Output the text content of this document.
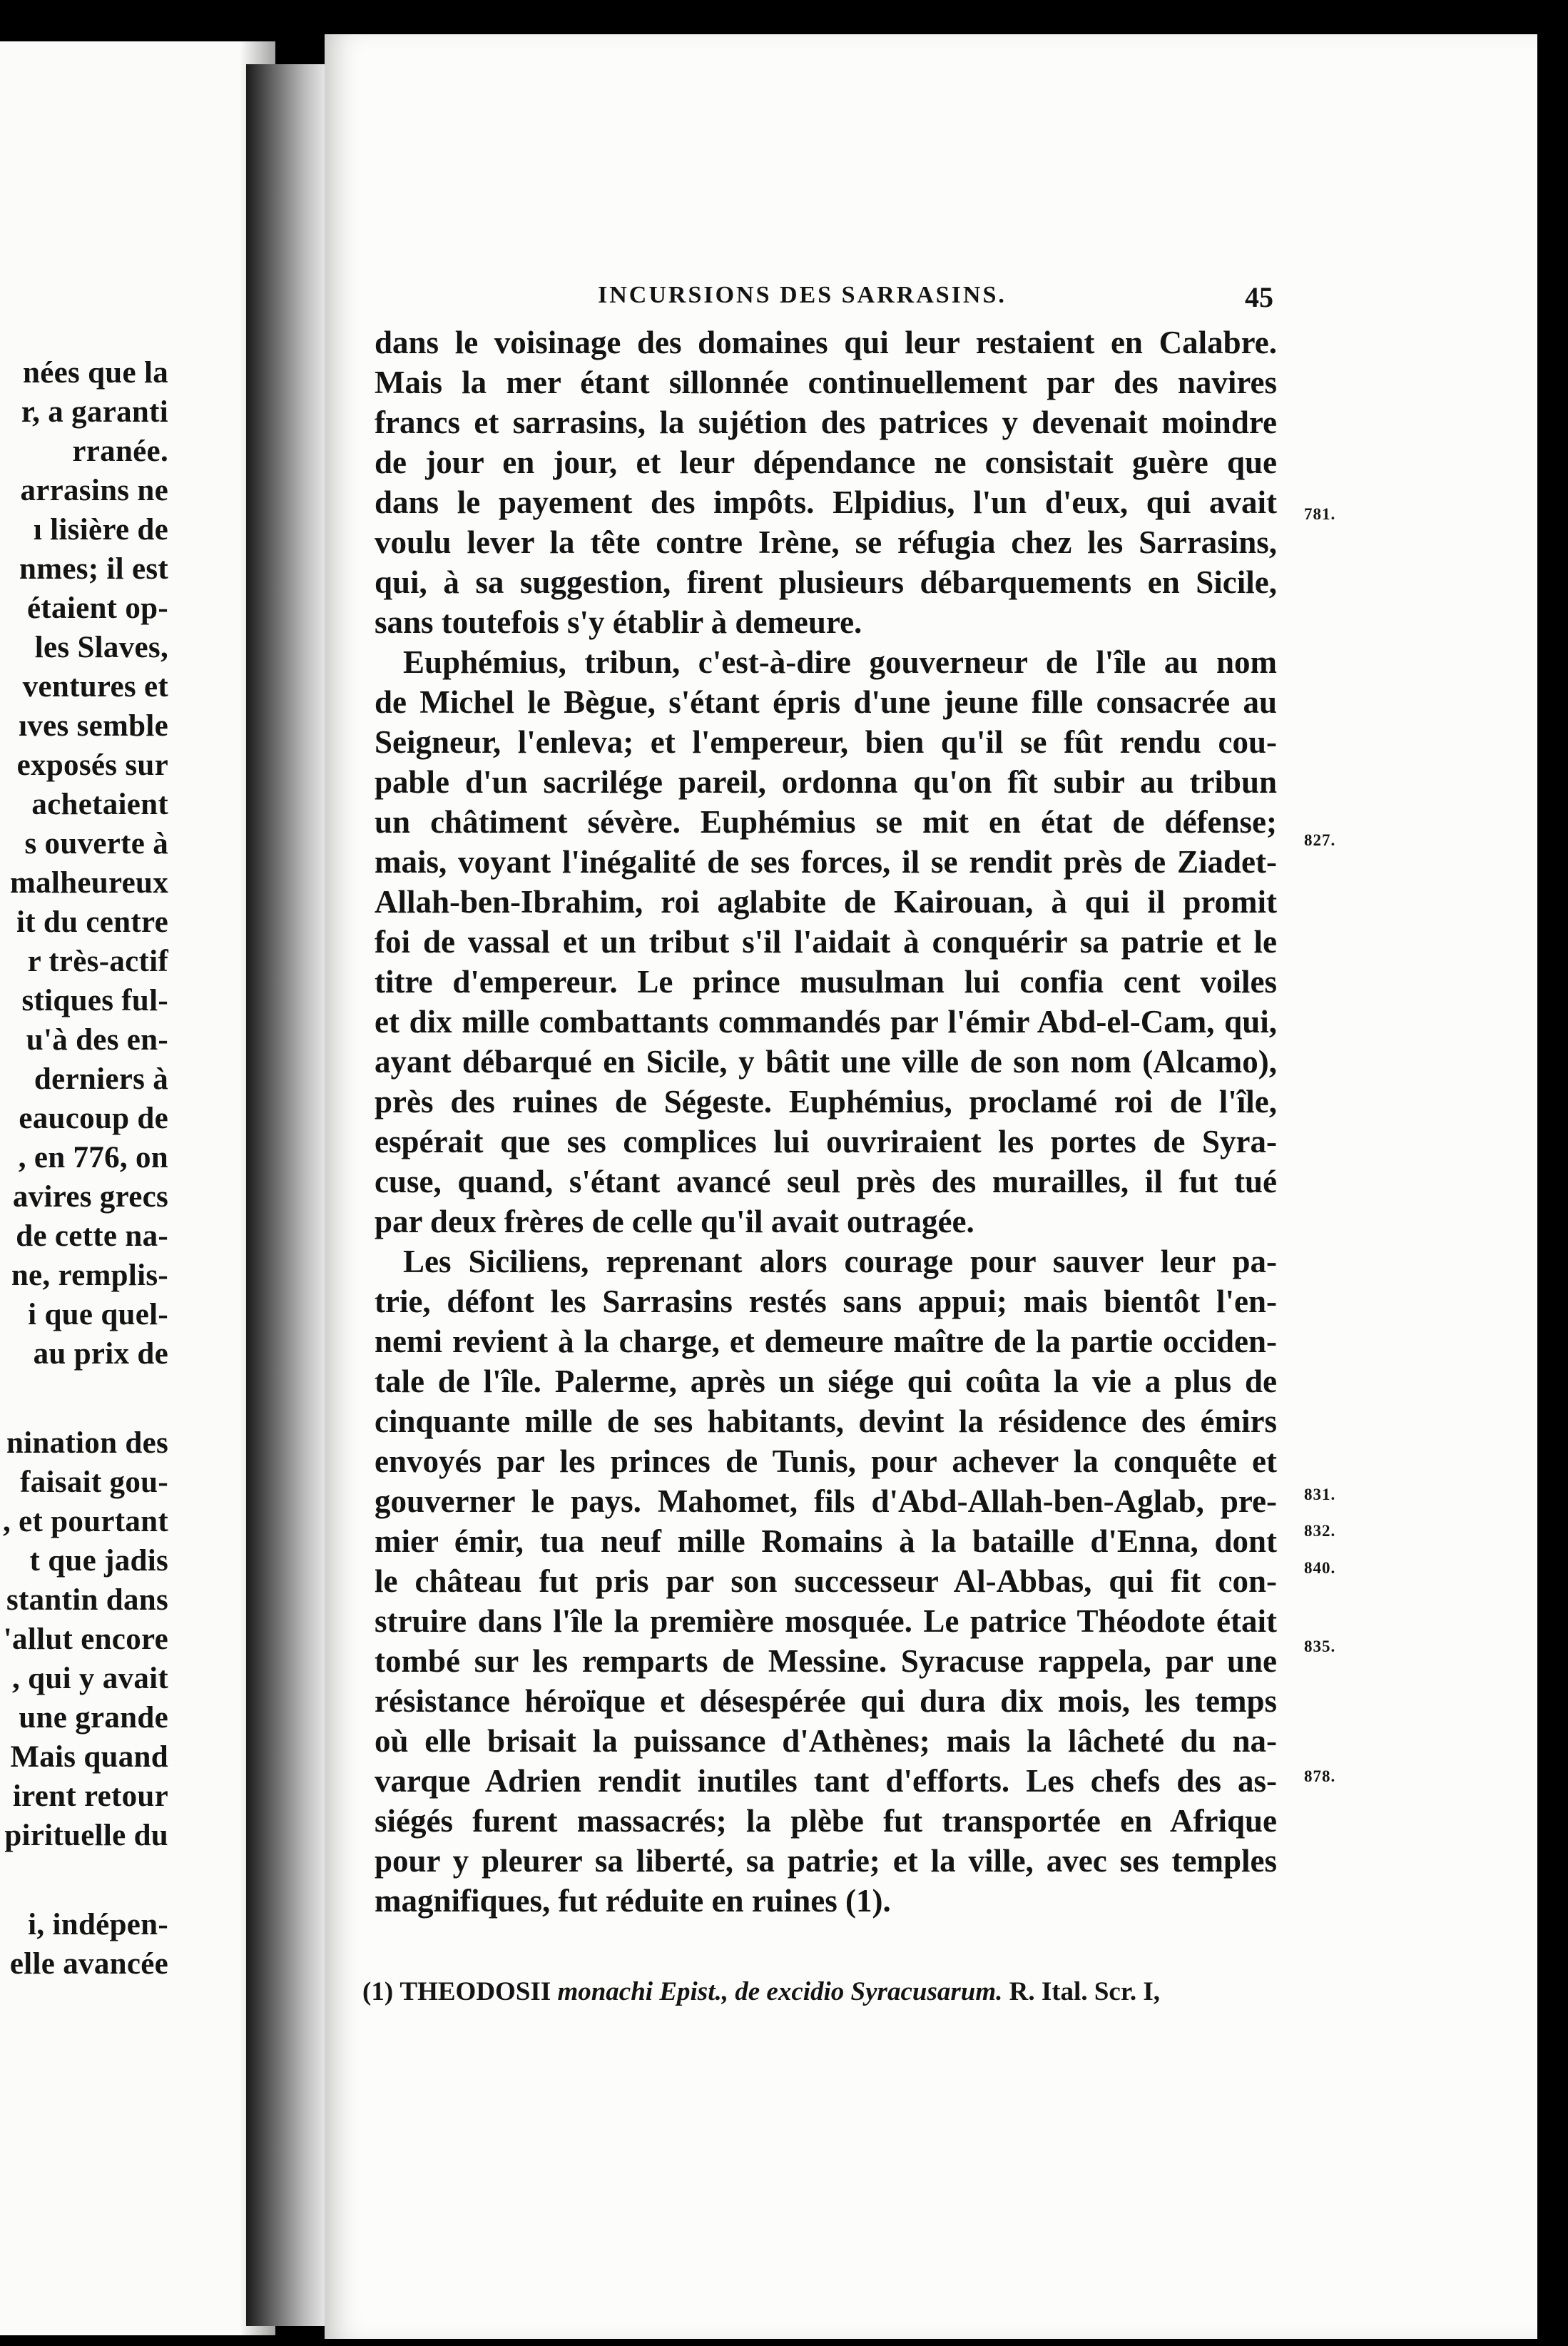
nées que la
r, a garanti
rranée.
arrasins ne
ı lisière de
nmes; il est
étaient op-
les Slaves,
ventures et
ıves semble
exposés sur
achetaient
s ouverte à
malheureux
it du centre
r très-actif
stiques ful-
u'à des en-
derniers à
eaucoup de
, en 776, on
avires grecs
de cette na-
ne, remplis-
i que quel-
au prix de
nination des
faisait gou-
, et pourtant
t que jadis
stantin dans
'allut encore
, qui y avait
une grande
Mais quand
irent retour
pirituelle du
i, indépen-
elle avancée
INCURSIONS DES SARRASINS.	45
dans le voisinage des domaines qui leur restaient en Calabre.
Mais la mer étant sillonnée continuellement par des navires
francs et sarrasins, la sujétion des patrices y devenait moindre
de jour en jour, et leur dépendance ne consistait guère que
dans le payement des impôts. Elpidius, l'un d'eux, qui avait
voulu lever la tête contre Irène, se réfugia chez les Sarrasins,
qui, à sa suggestion, firent plusieurs débarquements en Sicile,
sans toutefois s'y établir à demeure.
Euphémius, tribun, c'est-à-dire gouverneur de l'île au nom
de Michel le Bègue, s'étant épris d'une jeune fille consacrée au
Seigneur, l'enleva; et l'empereur, bien qu'il se fût rendu cou-
pable d'un sacrilége pareil, ordonna qu'on fît subir au tribun
un châtiment sévère. Euphémius se mit en état de défense;
mais, voyant l'inégalité de ses forces, il se rendit près de Ziadet-
Allah-ben-Ibrahim, roi aglabite de Kairouan, à qui il promit
foi de vassal et un tribut s'il l'aidait à conquérir sa patrie et le
titre d'empereur. Le prince musulman lui confia cent voiles
et dix mille combattants commandés par l'émir Abd-el-Cam, qui,
ayant débarqué en Sicile, y bâtit une ville de son nom (Alcamo),
près des ruines de Ségeste. Euphémius, proclamé roi de l'île,
espérait que ses complices lui ouvriraient les portes de Syra-
cuse, quand, s'étant avancé seul près des murailles, il fut tué
par deux frères de celle qu'il avait outragée.
Les Siciliens, reprenant alors courage pour sauver leur pa-
trie, défont les Sarrasins restés sans appui; mais bientôt l'en-
nemi revient à la charge, et demeure maître de la partie occiden-
tale de l'île. Palerme, après un siége qui coûta la vie a plus de
cinquante mille de ses habitants, devint la résidence des émirs
envoyés par les princes de Tunis, pour achever la conquête et
gouverner le pays. Mahomet, fils d'Abd-Allah-ben-Aglab, pre-
mier émir, tua neuf mille Romains à la bataille d'Enna, dont
le château fut pris par son successeur Al-Abbas, qui fit con-
struire dans l'île la première mosquée. Le patrice Théodote était
tombé sur les remparts de Messine. Syracuse rappela, par une
résistance héroïque et désespérée qui dura dix mois, les temps
où elle brisait la puissance d'Athènes; mais la lâcheté du na-
varque Adrien rendit inutiles tant d'efforts. Les chefs des as-
siégés furent massacrés; la plèbe fut transportée en Afrique
pour y pleurer sa liberté, sa patrie; et la ville, avec ses temples
magnifiques, fut réduite en ruines (1).
781.
827.
831.
832.
840.
835.
878.
(1) THEODOSII monachi Epist., de excidio Syracusarum. R. Ital. Scr. I,
